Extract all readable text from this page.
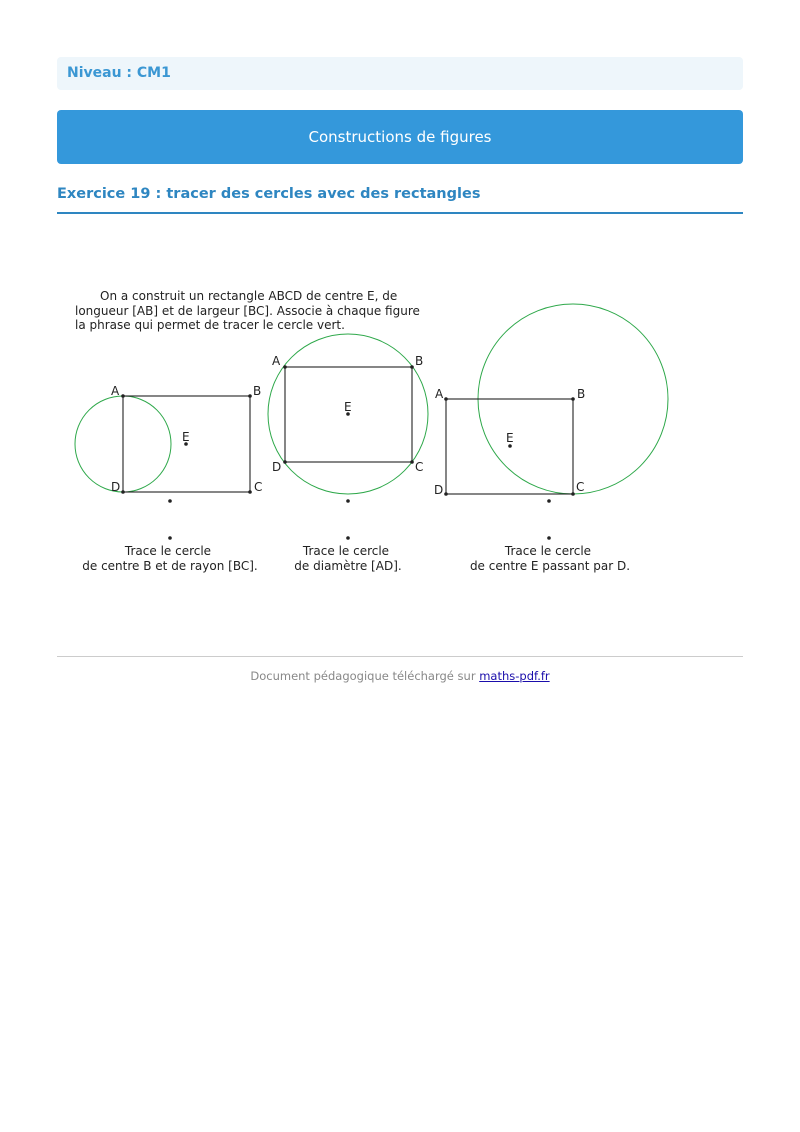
Niveau : CM1
Constructions de figures
Exercice 19 : tracer des cercles avec des rectangles
On a construit un rectangle ABCD de centre E, de
longueur [AB] et de largeur [BC]. Associe à chaque figure
la phrase qui permet de tracer le cercle vert.
A	B
C
D
E
Trace le cercle
de centre B et de rayon [BC].
A	B
C
D
E
Trace le cercle
de diamètre [AD].
A	B
C
D
E
Trace le cercle
de centre E passant par D.
Document pédagogique téléchargé sur maths-pdf.fr
